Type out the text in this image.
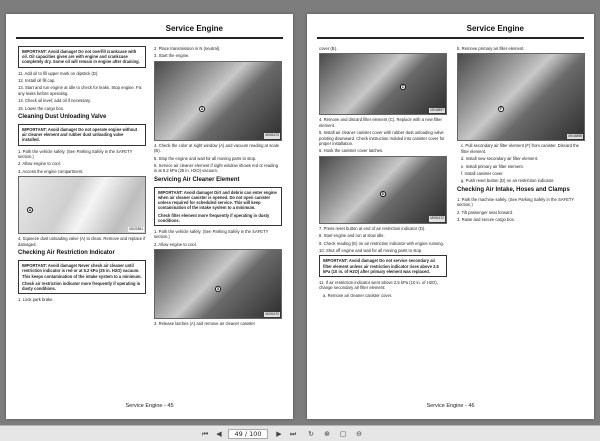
Service Engine
IMPORTANT: Avoid damage! Do not overfill crankcase with oil. Oil capacities given are with engine and crankcase completely dry. Some oil will remain in engine after draining.

11. Add oil to fill upper mark on dipstick (D).

12. Install oil fill cap.

13. Start and run engine at idle to check for leaks. Stop engine. Fix any leaks before operating.

14. Check oil level; add oil if necessary.

15. Lower the cargo box.

Cleaning Dust Unloading Valve
IMPORTANT: Avoid damage! Do not operate engine without air cleaner element and rubber dust unloading valve installed.

1. Park the vehicle safely. (See Parking Safely in the SAFETY section.)

2. Allow engine to cool.

3. Access the engine compartment.

A
MX22581

4. Squeeze dust unloading valve (A) to clean. Remove and replace if damaged.

Checking Air Restriction Indicator
IMPORTANT: Avoid damage! Never check air cleaner until restriction indicator is red or at 6.2 kPa (25 in. H2O) vacuum. This keeps contamination of the intake system to a minimum.
Check air restriction indicator more frequently if operating in dusty conditions.

1. Lock park brake.

2. Place transmission in N (neutral).

3. Start the engine.

A
MX51670

4. Check the color at sight window (A) and vacuum reading at scale (B).

5. Stop the engine and wait for all moving parts to stop.

6. Service air cleaner element if sight window shows red or reading is at 6.2 kPa (25 in. H2O) vacuum.

Servicing Air Cleaner Element
IMPORTANT: Avoid damage! Dirt and debris can enter engine when air cleaner canister is opened. Do not open canister unless required for scheduled service. This will keep contamination of the intake system to a minimum.
Check filter element more frequently if operating in dusty conditions.

1. Park the vehicle safely. (See Parking Safely in the SAFETY section.)

2. Allow engine to cool.

A
MX51670

3. Release latches (A) and remove air cleaner canister

Service Engine - 45
Service Engine

cover (B).

C
MX46897

4. Remove and discard filter element (C). Replace with a new filter element.

5. Install air cleaner canister cover with rubber dust unloading valve pointing downward. Check instruction molded into canister cover for proper installation.

6. Hook the canister cover latches.

D
MX51672

7. Press reset button at end of air restriction indicator (D).

8. Start engine and run at slow idle.

9. Check reading (E) on air restriction indicator with engine running.

10. Shut off engine and wait for all moving parts to stop.

IMPORTANT: Avoid damage! Do not service secondary air filter element unless air restriction indicator rises above 2.5 kPa (10 in. of H2O) after primary element was replaced.

11. If air restriction indicator went above 2.5 kPa (10 in. of H2O), change secondary air filter element:

a. Remove air cleaner canister cover.

b. Remove primary air filter element.

F
MX46898

c. Pull secondary air filter element (F) from canister. Discard the filter element.

d. Install new secondary air filter element.

e. Install primary air filter element.

f. Install canister cover.

g. Push reset button (D) on air restriction indicator.

Checking Air Intake, Hoses and Clamps

1. Park the machine safely. (See Parking Safely in the SAFETY section.)

2. Tilt passenger seat forward.

3. Raise and secure cargo box.

Service Engine - 46
⏮	◀	49 / 100	▶	⏭ ↻ ⊕ ▢ ⊖
